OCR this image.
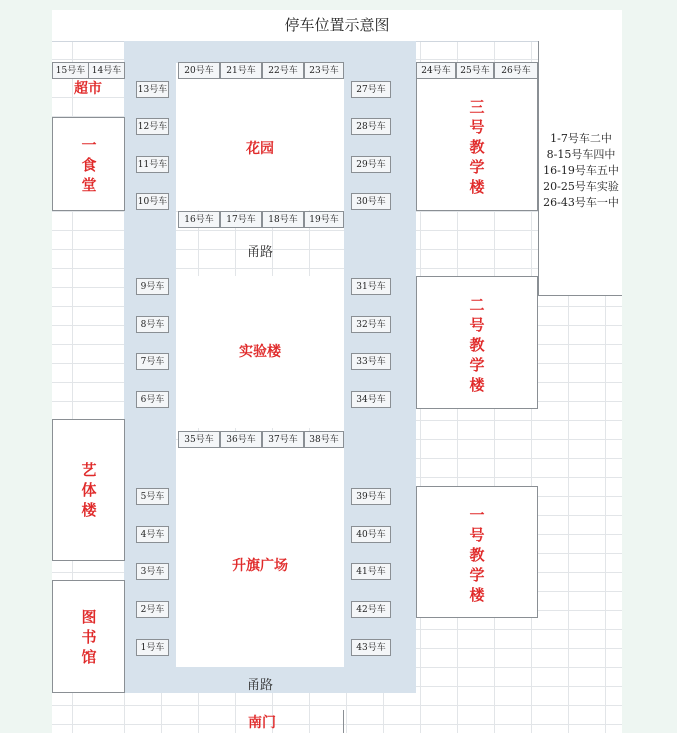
停车位置示意图
超市
一食堂
艺体楼
图书馆
花园
甬路
实验楼
升旗广场
甬路
南门
三号教学楼
二号教学楼
一号教学楼
1-7号车二中
8-15号车四中
16-19号车五中
20-25号车实验
26-43号车一中
15号车 14号车	20号车	21号车	22号车	23号车	24号车	25号车	26号车
13号车
12号车
11号车
10号车
9号车
8号车
7号车
6号车
5号车
4号车
3号车
2号车
1号车
16号车	17号车	18号车	19号车
35号车	36号车	37号车	38号车
27号车
28号车
29号车
30号车
31号车
32号车
33号车
34号车
39号车
40号车
41号车
42号车
43号车
